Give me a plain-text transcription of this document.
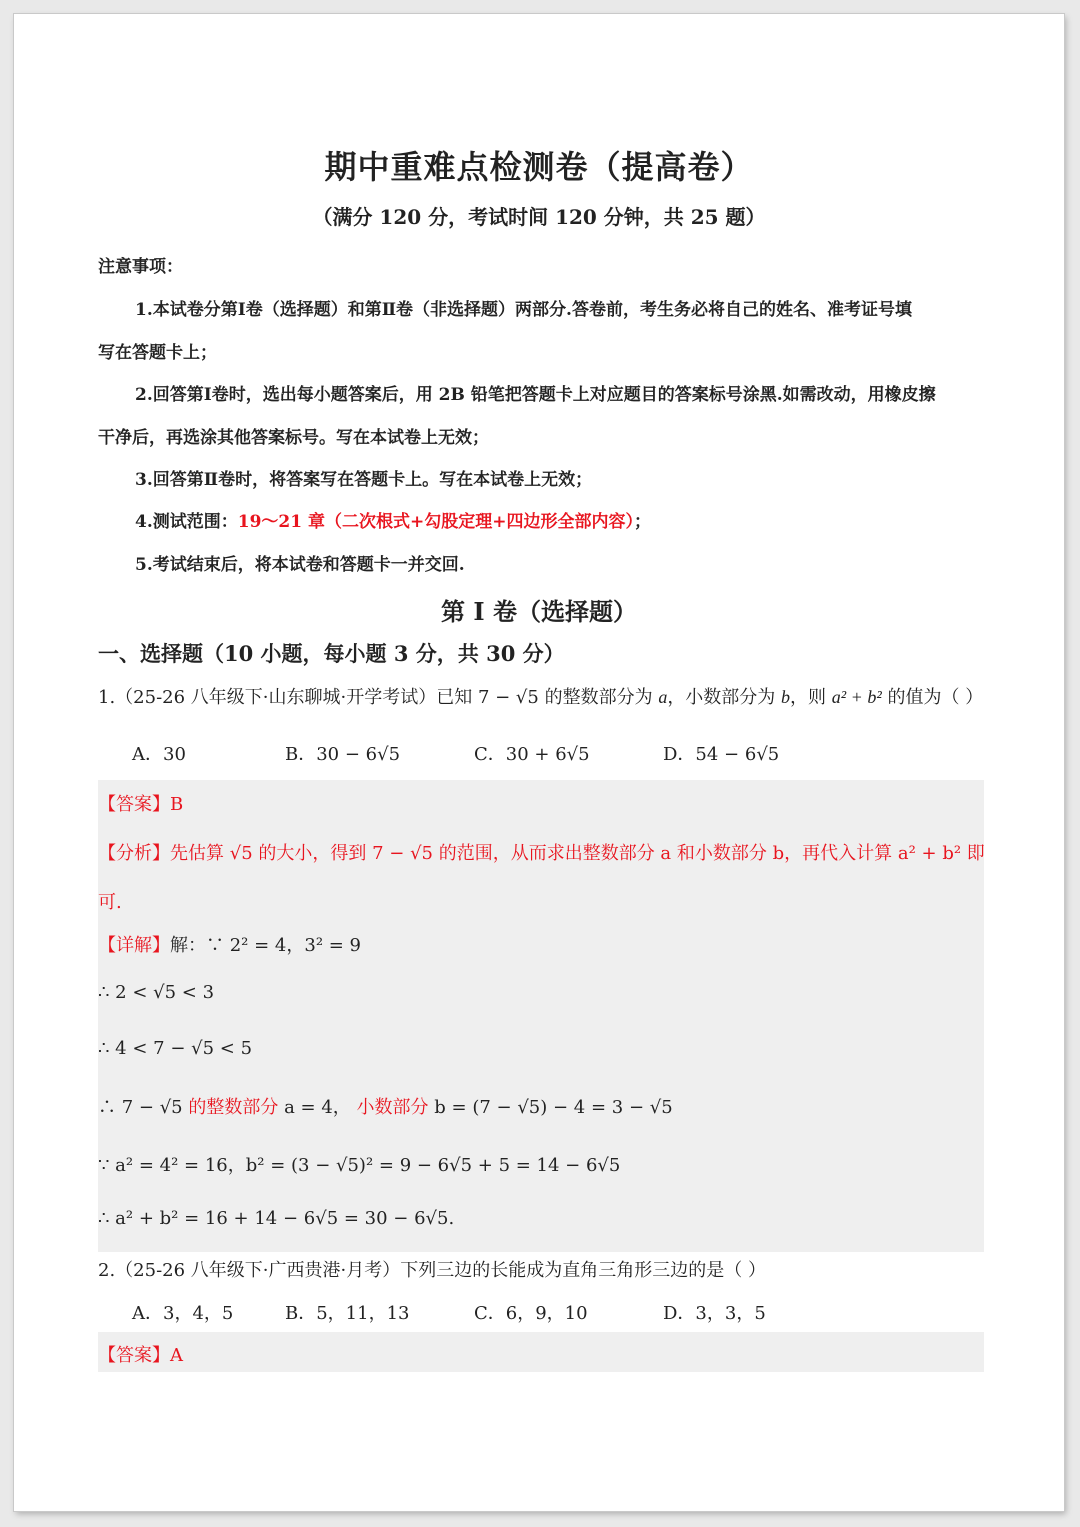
期中重难点检测卷（提高卷）
（满分 120 分，考试时间 120 分钟，共 25 题）
注意事项：
1.本试卷分第Ⅰ卷（选择题）和第Ⅱ卷（非选择题）两部分.答卷前，考生务必将自己的姓名、准考证号填
写在答题卡上；
2.回答第Ⅰ卷时，选出每小题答案后，用 2B 铅笔把答题卡上对应题目的答案标号涂黑.如需改动，用橡皮擦
干净后，再选涂其他答案标号。写在本试卷上无效；
3.回答第Ⅱ卷时，将答案写在答题卡上。写在本试卷上无效；
4.测试范围：19～21 章（二次根式+勾股定理+四边形全部内容）；
5.考试结束后，将本试卷和答题卡一并交回.
第 I 卷（选择题）
一、选择题（10 小题，每小题 3 分，共 30 分）
1.（25-26 八年级下·山东聊城·开学考试）已知 7 − √5 的整数部分为 a，小数部分为 b，则 a² + b² 的值为（ ）
A．30	B．30 − 6√5	C．30 + 6√5	D．54 − 6√5
【答案】B
【分析】先估算 √5 的大小，得到 7 − √5 的范围，从而求出整数部分 a 和小数部分 b，再代入计算 a² + b² 即
可.
【详解】解：∵ 2² = 4，3² = 9
∴ 2 < √5 < 3
∴ 4 < 7 − √5 < 5
∴ 7 − √5 的整数部分 a = 4， 小数部分 b = (7 − √5) − 4 = 3 − √5
∵ a² = 4² = 16，b² = (3 − √5)² = 9 − 6√5 + 5 = 14 − 6√5
∴ a² + b² = 16 + 14 − 6√5 = 30 − 6√5.
2.（25-26 八年级下·广西贵港·月考）下列三边的长能成为直角三角形三边的是（ ）
A．3，4，5	B．5，11，13	C．6，9，10	D．3，3，5
【答案】A
